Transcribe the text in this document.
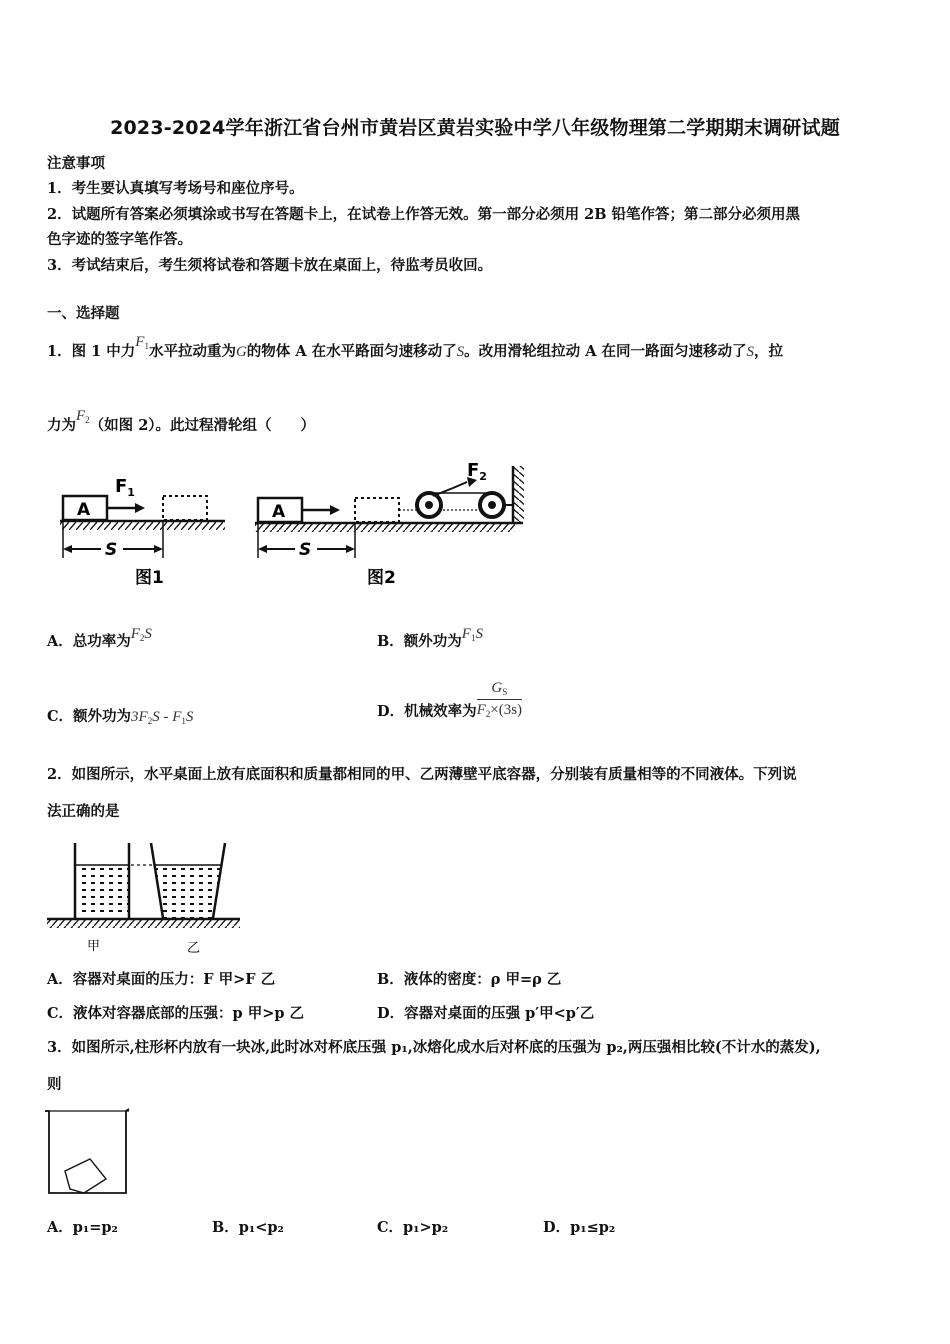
2023-2024学年浙江省台州市黄岩区黄岩实验中学八年级物理第二学期期末调研试题
注意事项
1．考生要认真填写考场号和座位序号。
2．试题所有答案必须填涂或书写在答题卡上，在试卷上作答无效。第一部分必须用 2B 铅笔作答；第二部分必须用黑
色字迹的签字笔作答。
3．考试结束后，考生须将试卷和答题卡放在桌面上，待监考员收回。
一、选择题
1．图 1 中力$F_1$水平拉动重为G的物体 A 在水平路面匀速移动了S。改用滑轮组拉动 A 在同一路面匀速移动了S，拉
力为$F_2$（如图 2）。此过程滑轮组（　　）
A
$F_1$
S
图1
A
$F_2$
S
图2
A．总功率为$F_2S$	B．额外功为$F_1S$
C．额外功为$3F_2S - F_1S$	D．机械效率为 $\frac{G_S}{F_2\times(3s)}$
2．如图所示，水平桌面上放有底面积和质量都相同的甲、乙两薄壁平底容器，分别装有质量相等的不同液体。下列说
法正确的是
甲	乙
A．容器对桌面的压力：F 甲>F 乙	B．液体的密度：ρ 甲=ρ 乙
C．液体对容器底部的压强：p 甲>p 乙	D．容器对桌面的压强 p′甲<p′乙
3．如图所示,柱形杯内放有一块冰,此时冰对杯底压强 p₁,冰熔化成水后对杯底的压强为 p₂,两压强相比较(不计水的蒸发),
则
A．p₁=p₂	B．p₁<p₂	C．p₁>p₂	D．p₁≤p₂
